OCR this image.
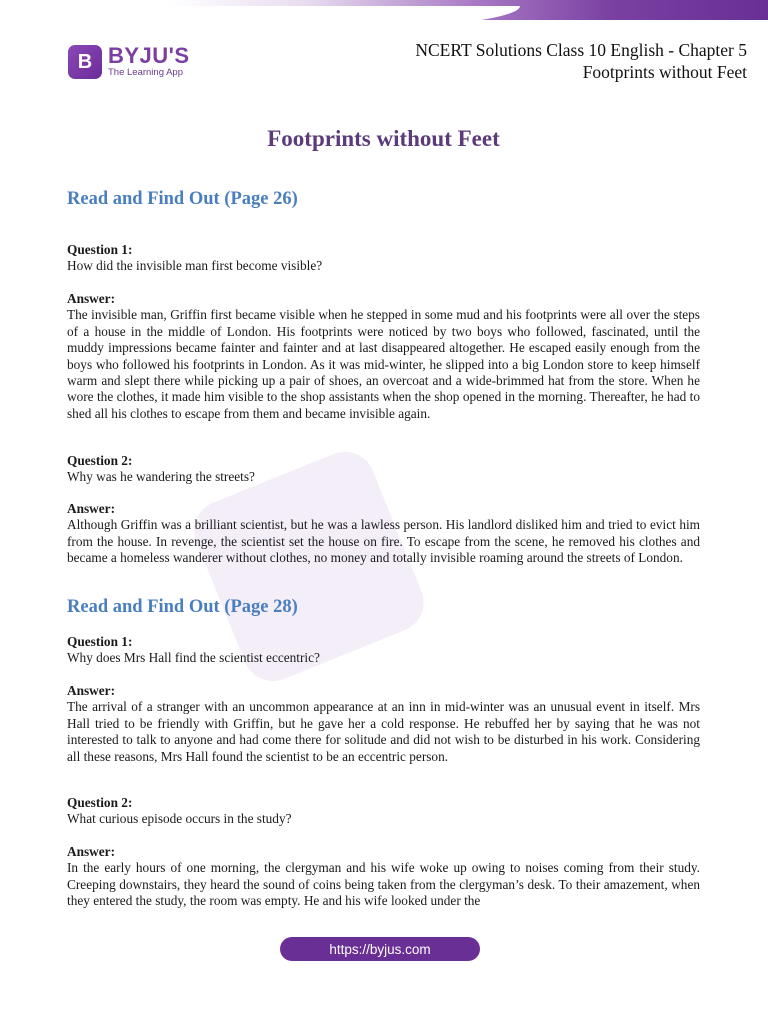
B BYJU'S
The Learning App
NCERT Solutions Class 10 English - Chapter 5
Footprints without Feet
Footprints without Feet
Read and Find Out (Page 26)
Question 1:
How did the invisible man first become visible?
Answer:
The invisible man, Griffin first became visible when he stepped in some mud and his footprints were all over the steps of a house in the middle of London. His footprints were noticed by two boys who followed, fascinated, until the muddy impressions became fainter and fainter and at last disappeared altogether. He escaped easily enough from the boys who followed his footprints in London. As it was mid-winter, he slipped into a big London store to keep himself warm and slept there while picking up a pair of shoes, an overcoat and a wide-brimmed hat from the store. When he wore the clothes, it made him visible to the shop assistants when the shop opened in the morning. Thereafter, he had to shed all his clothes to escape from them and became invisible again.
Question 2:
Why was he wandering the streets?
Answer:
Although Griffin was a brilliant scientist, but he was a lawless person. His landlord disliked him and tried to evict him from the house. In revenge, the scientist set the house on fire. To escape from the scene, he removed his clothes and became a homeless wanderer without clothes, no money and totally invisible roaming around the streets of London.
Read and Find Out (Page 28)
Question 1:
Why does Mrs Hall find the scientist eccentric?
Answer:
The arrival of a stranger with an uncommon appearance at an inn in mid-winter was an unusual event in itself. Mrs Hall tried to be friendly with Griffin, but he gave her a cold response. He rebuffed her by saying that he was not interested to talk to anyone and had come there for solitude and did not wish to be disturbed in his work. Considering all these reasons, Mrs Hall found the scientist to be an eccentric person.
Question 2:
What curious episode occurs in the study?
Answer:
In the early hours of one morning, the clergyman and his wife woke up owing to noises coming from their study. Creeping downstairs, they heard the sound of coins being taken from the clergyman’s desk. To their amazement, when they entered the study, the room was empty. He and his wife looked under the
https://byjus.com
